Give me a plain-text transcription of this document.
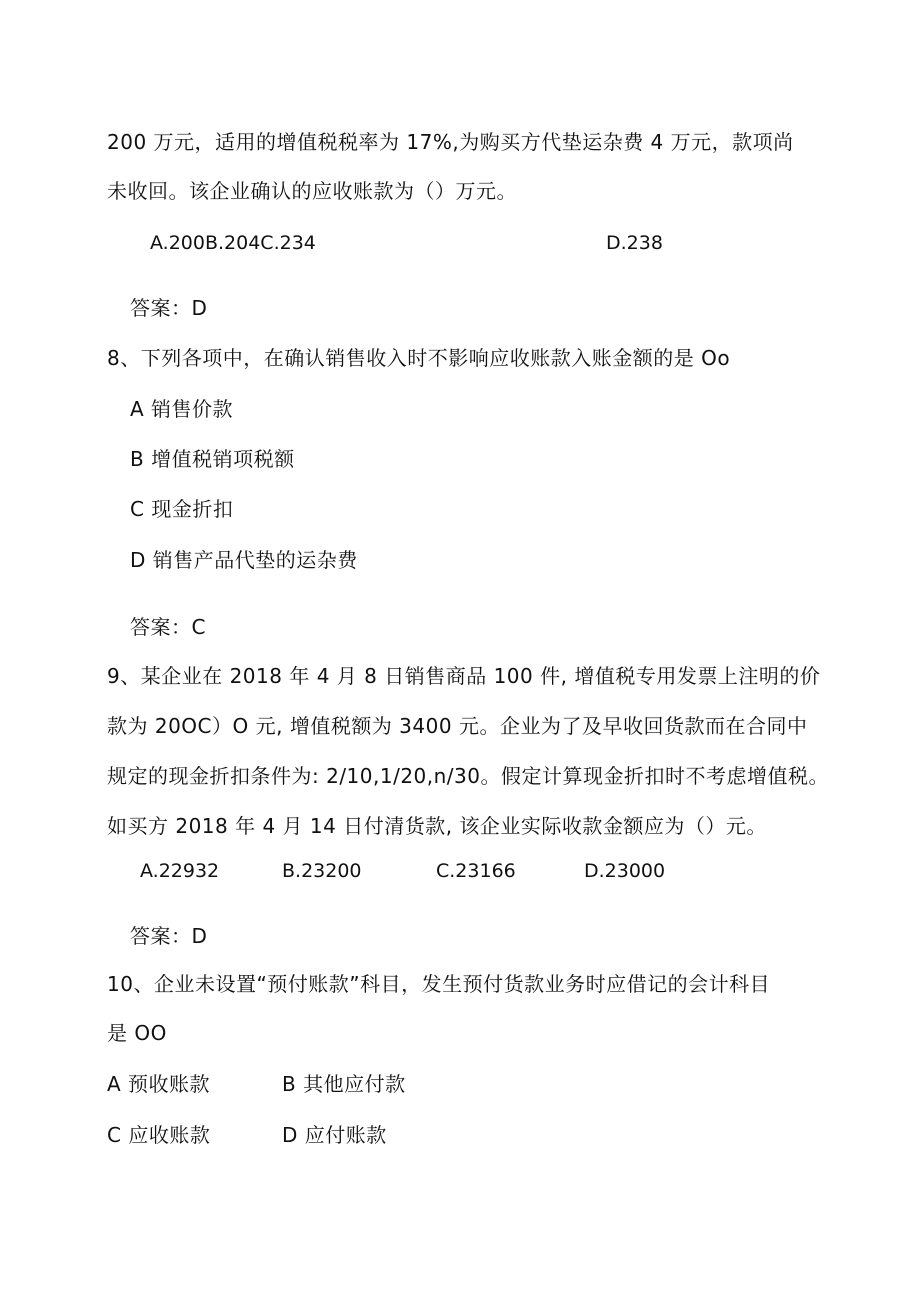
200 万元，适用的增值税税率为 17%,为购买方代垫运杂费 4 万元，款项尚
未收回。该企业确认的应收账款为（）万元。
A.200B.204C.234	D.238
答案：D
8、下列各项中，在确认销售收入时不影响应收账款入账金额的是 Oo
A 销售价款
B 增值税销项税额
C 现金折扣
D 销售产品代垫的运杂费
答案：C
9、某企业在 2018 年 4 月 8 日销售商品 100 件, 增值税专用发票上注明的价
款为 20OC）O 元, 增值税额为 3400 元。企业为了及早收回货款而在合同中
规定的现金折扣条件为: 2/10,1/20,n/30。假定计算现金折扣时不考虑增值税。
如买方 2018 年 4 月 14 日付清货款, 该企业实际收款金额应为（）元。
A.22932	B.23200	C.23166	D.23000
答案：D
10、企业未设置“预付账款”科目，发生预付货款业务时应借记的会计科目
是 OO
A 预收账款	B 其他应付款
C 应收账款	D 应付账款
